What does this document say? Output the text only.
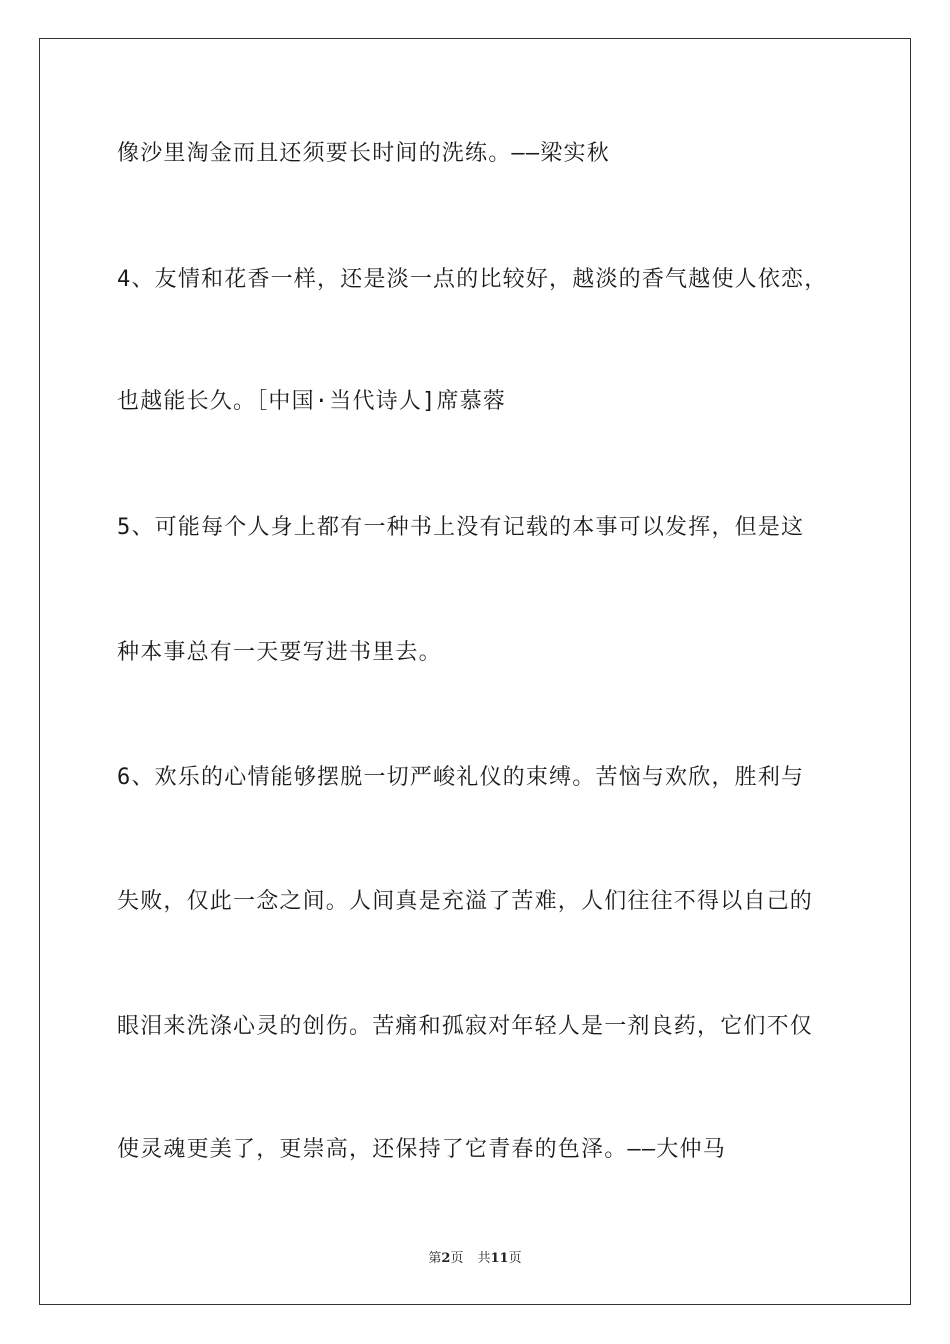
像沙里淘金而且还须要长时间的洗练。——梁实秋
4、友情和花香一样，还是淡一点的比较好，越淡的香气越使人依恋，
也越能长久。［中国·当代诗人]席慕蓉
5、可能每个人身上都有一种书上没有记载的本事可以发挥，但是这
种本事总有一天要写进书里去。
6、欢乐的心情能够摆脱一切严峻礼仪的束缚。苦恼与欢欣，胜利与
失败，仅此一念之间。人间真是充溢了苦难，人们往往不得以自己的
眼泪来洗涤心灵的创伤。苦痛和孤寂对年轻人是一剂良药，它们不仅
使灵魂更美了，更崇高，还保持了它青春的色泽。——大仲马
第2页 共11页
